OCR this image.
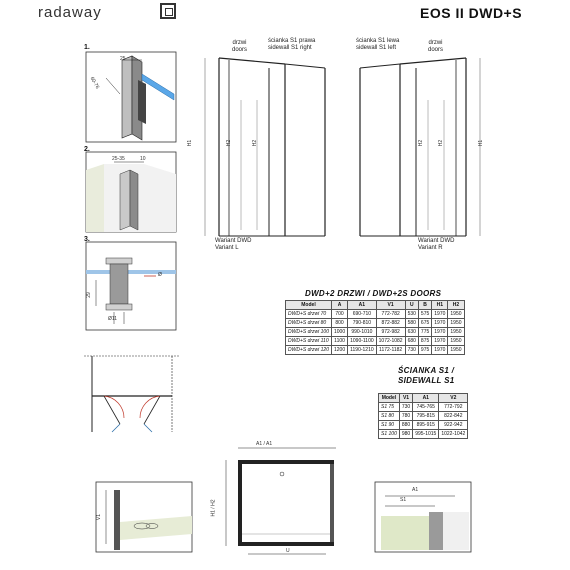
radaway	EOS II DWD+S
1.
2.
3.
25
60-76
25-35	10
29
Ø11
Ø
drzwi
doors
ścianka S1 prawa
sidewall S1 right
Wariant DWD
Variant L
H1	H2	H2
ścianka S1 lewa
sidewall S1 left
drzwi
doors
Wariant DWD
Variant R
H1
H2
H2
DWD+2 DRZWI / DWD+2S DOORS
Model	A	A1	V1	U	B	H1	H2
DWD+S drzwi 70	700	690-710	772-782	530	575	1970	1950
DWD+S drzwi 80	800	790-810	872-882	580	675	1970	1950
DWD+S drzwi 100	1000	990-1010	972-982	630	775	1970	1950
DWD+S drzwi 110	1100	1090-1100	1072-1082	680	875	1970	1950
DWD+S drzwi 120	1200	1190-1210	1172-1182	730	975	1970	1950
ŚCIANKA S1 / SIDEWALL S1
Model	V1	A1	V2
S1 75	730	745-765	772-792
S1 80	780	795-815	822-842
S1 90	880	895-915	922-942
S1 100	980	995-1015	1022-1042
A1 / A1
H1 / H2
U
V1
A1
S1
